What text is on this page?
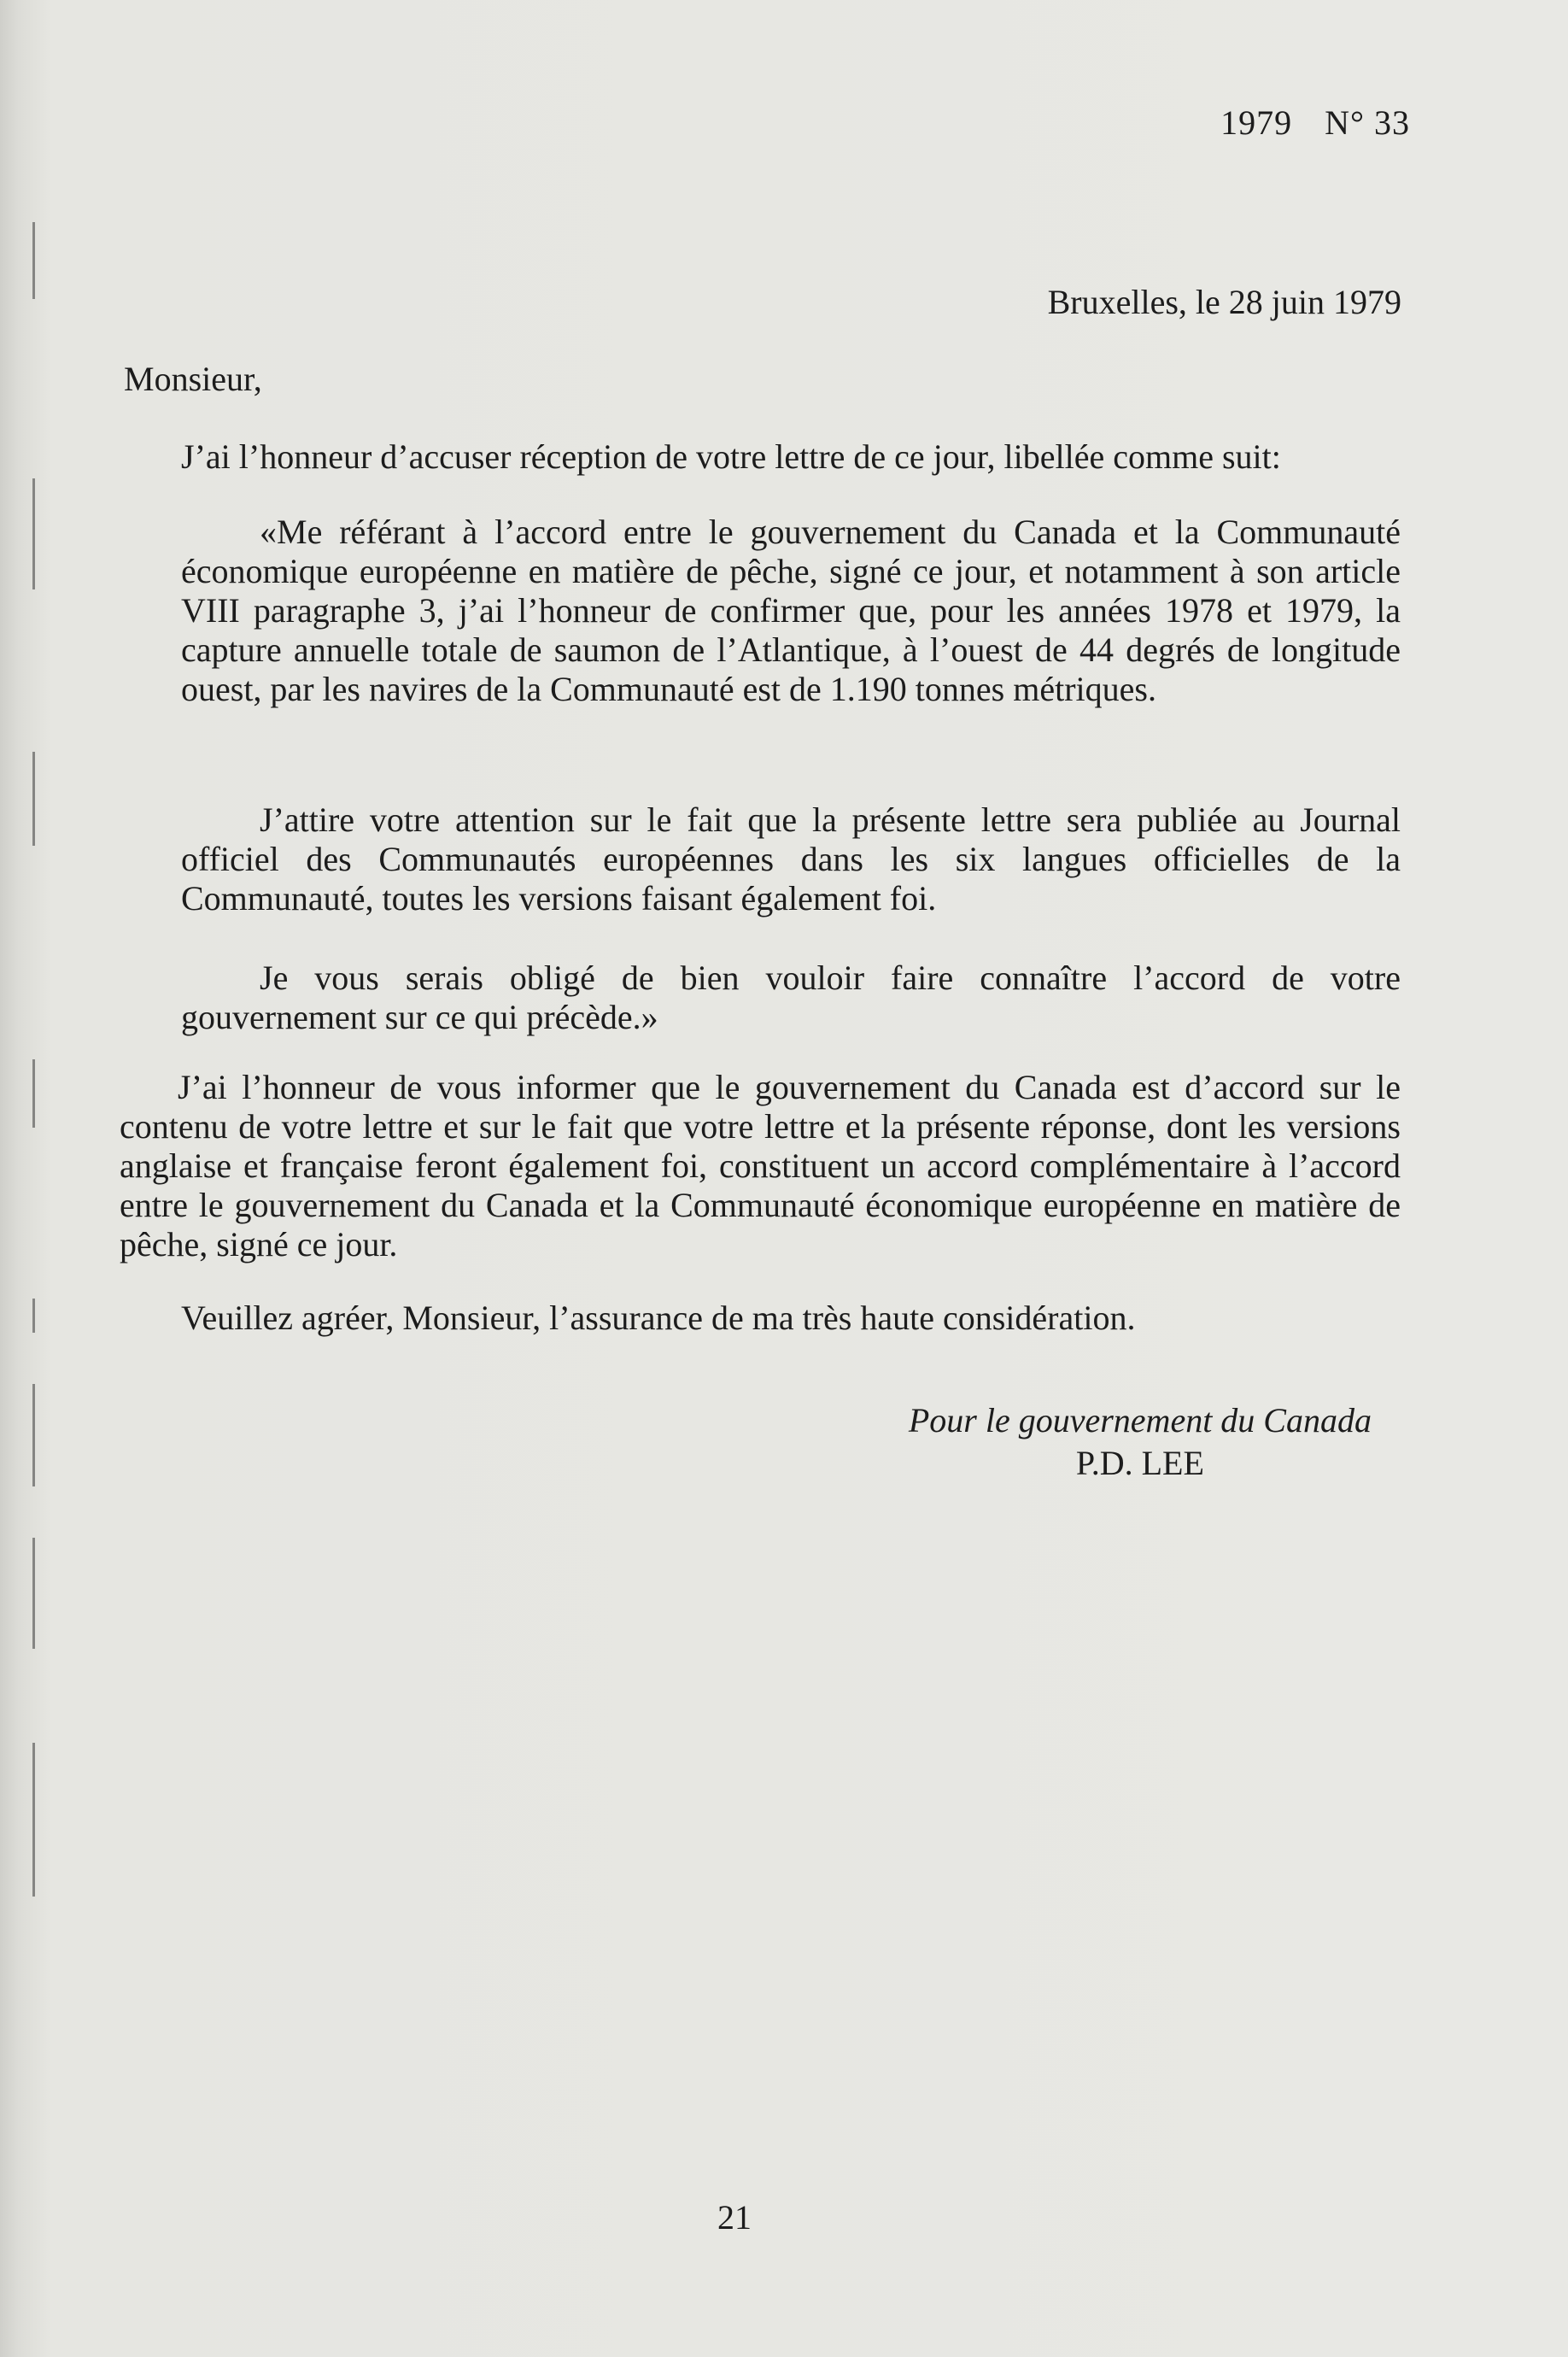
1979 N° 33
Bruxelles, le 28 juin 1979
Monsieur,
J’ai l’honneur d’accuser réception de votre lettre de ce jour, libellée comme suit:
«Me référant à l’accord entre le gouvernement du Canada et la Communauté économique européenne en matière de pêche, signé ce jour, et notamment à son article VIII paragraphe 3, j’ai l’honneur de confirmer que, pour les années 1978 et 1979, la capture annuelle totale de saumon de l’Atlantique, à l’ouest de 44 degrés de longitude ouest, par les navires de la Communauté est de 1.190 tonnes métriques.
J’attire votre attention sur le fait que la présente lettre sera publiée au Journal officiel des Communautés européennes dans les six langues officielles de la Communauté, toutes les versions faisant également foi.
Je vous serais obligé de bien vouloir faire connaître l’accord de votre gouvernement sur ce qui précède.»
J’ai l’honneur de vous informer que le gouvernement du Canada est d’accord sur le contenu de votre lettre et sur le fait que votre lettre et la présente réponse, dont les versions anglaise et française feront également foi, constituent un accord complémentaire à l’accord entre le gouvernement du Canada et la Communauté économique européenne en matière de pêche, signé ce jour.
Veuillez agréer, Monsieur, l’assurance de ma très haute considération.
Pour le gouvernement du Canada
P.D. LEE
21
